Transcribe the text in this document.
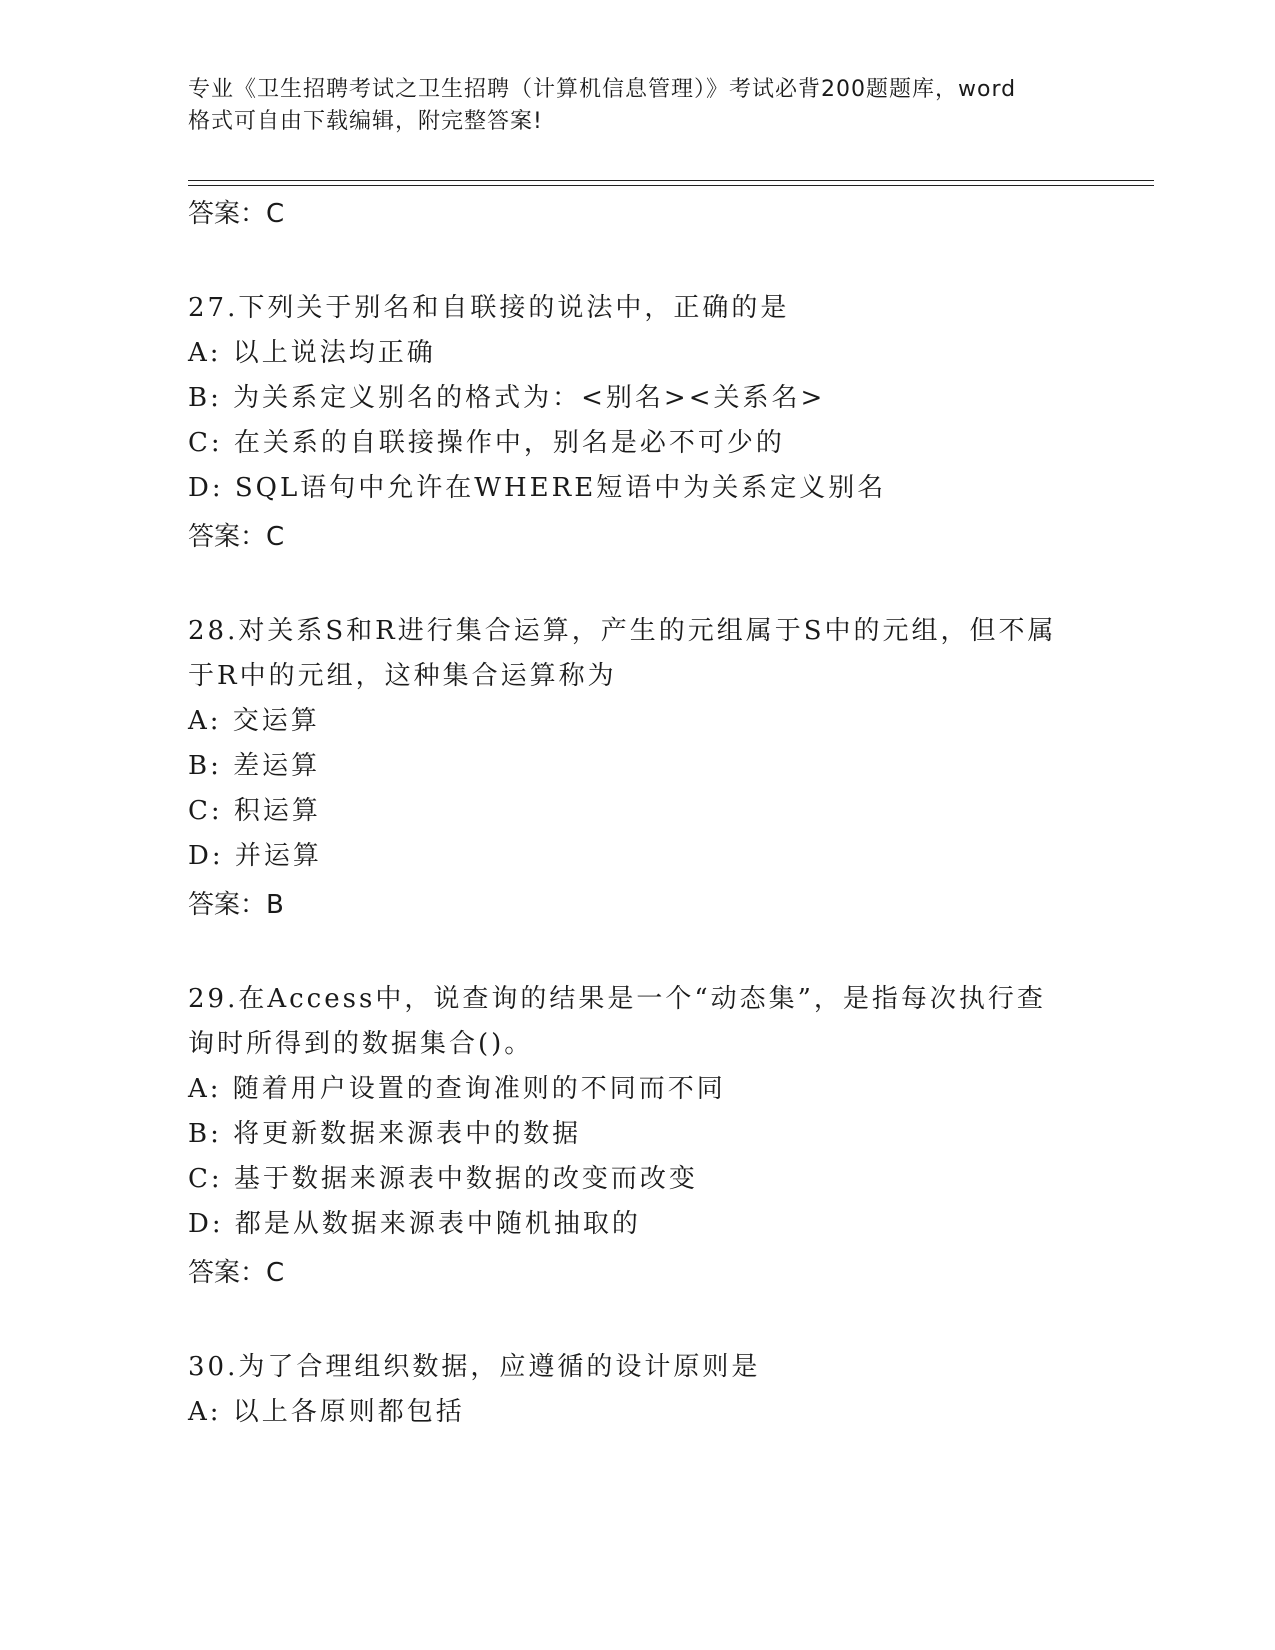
专业《卫生招聘考试之卫生招聘（计算机信息管理）》考试必背200题题库，word
格式可自由下载编辑，附完整答案!
答案：C
27.下列关于别名和自联接的说法中，正确的是
A: 以上说法均正确
B: 为关系定义别名的格式为：<别名><关系名>
C: 在关系的自联接操作中，别名是必不可少的
D: SQL语句中允许在WHERE短语中为关系定义别名
答案：C
28.对关系S和R进行集合运算，产生的元组属于S中的元组，但不属
于R中的元组，这种集合运算称为
A: 交运算
B: 差运算
C: 积运算
D: 并运算
答案：B
29.在Access中，说查询的结果是一个“动态集”，是指每次执行查
询时所得到的数据集合()。
A: 随着用户设置的查询准则的不同而不同
B: 将更新数据来源表中的数据
C: 基于数据来源表中数据的改变而改变
D: 都是从数据来源表中随机抽取的
答案：C
30.为了合理组织数据，应遵循的设计原则是
A: 以上各原则都包括
